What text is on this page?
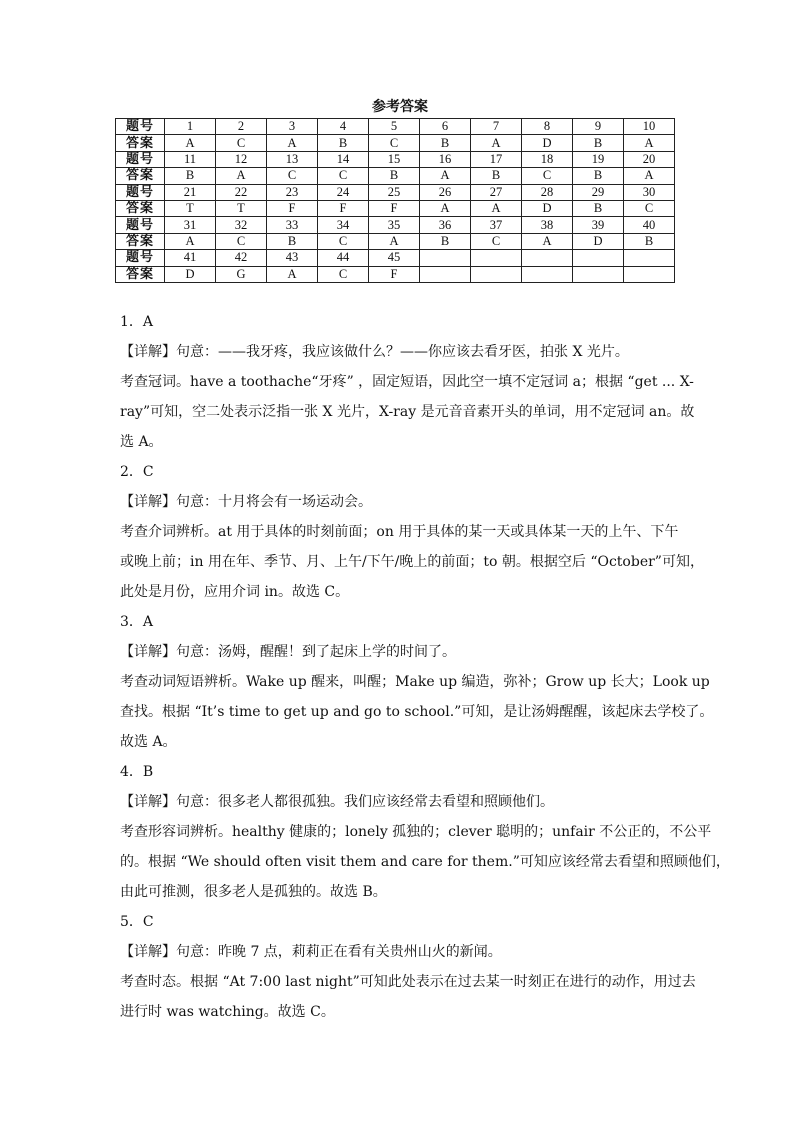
参考答案
题号	1	2	3	4	5	6	7	8	9	10
答案	A	C	A	B	C	B	A	D	B	A
题号	11	12	13	14	15	16	17	18	19	20
答案	B	A	C	C	B	A	B	C	B	A
题号	21	22	23	24	25	26	27	28	29	30
答案	T	T	F	F	F	A	A	D	B	C
题号	31	32	33	34	35	36	37	38	39	40
答案	A	C	B	C	A	B	C	A	D	B
题号	41	42	43	44	45					
答案	D	G	A	C	F					
1．A
【详解】句意：——我牙疼，我应该做什么？——你应该去看牙医，拍张 X 光片。
考查冠词。have a toothache“牙疼” ，固定短语，因此空一填不定冠词 a；根据 “get ... X-
ray”可知，空二处表示泛指一张 X 光片，X-ray 是元音音素开头的单词，用不定冠词 an。故
选 A。
2．C
【详解】句意：十月将会有一场运动会。
考查介词辨析。at 用于具体的时刻前面；on 用于具体的某一天或具体某一天的上午、下午
或晚上前；in 用在年、季节、月、上午/下午/晚上的前面；to 朝。根据空后 “October”可知，
此处是月份，应用介词 in。故选 C。
3．A
【详解】句意：汤姆，醒醒！到了起床上学的时间了。
考查动词短语辨析。Wake up 醒来，叫醒；Make up 编造，弥补；Grow up 长大；Look up
查找。根据 “It’s time to get up and go to school.”可知，是让汤姆醒醒，该起床去学校了。
故选 A。
4．B
【详解】句意：很多老人都很孤独。我们应该经常去看望和照顾他们。
考查形容词辨析。healthy 健康的；lonely 孤独的；clever 聪明的；unfair 不公正的，不公平
的。根据 “We should often visit them and care for them.”可知应该经常去看望和照顾他们，
由此可推测，很多老人是孤独的。故选 B。
5．C
【详解】句意：昨晚 7 点，莉莉正在看有关贵州山火的新闻。
考查时态。根据 “At 7:00 last night”可知此处表示在过去某一时刻正在进行的动作，用过去
进行时 was watching。故选 C。
